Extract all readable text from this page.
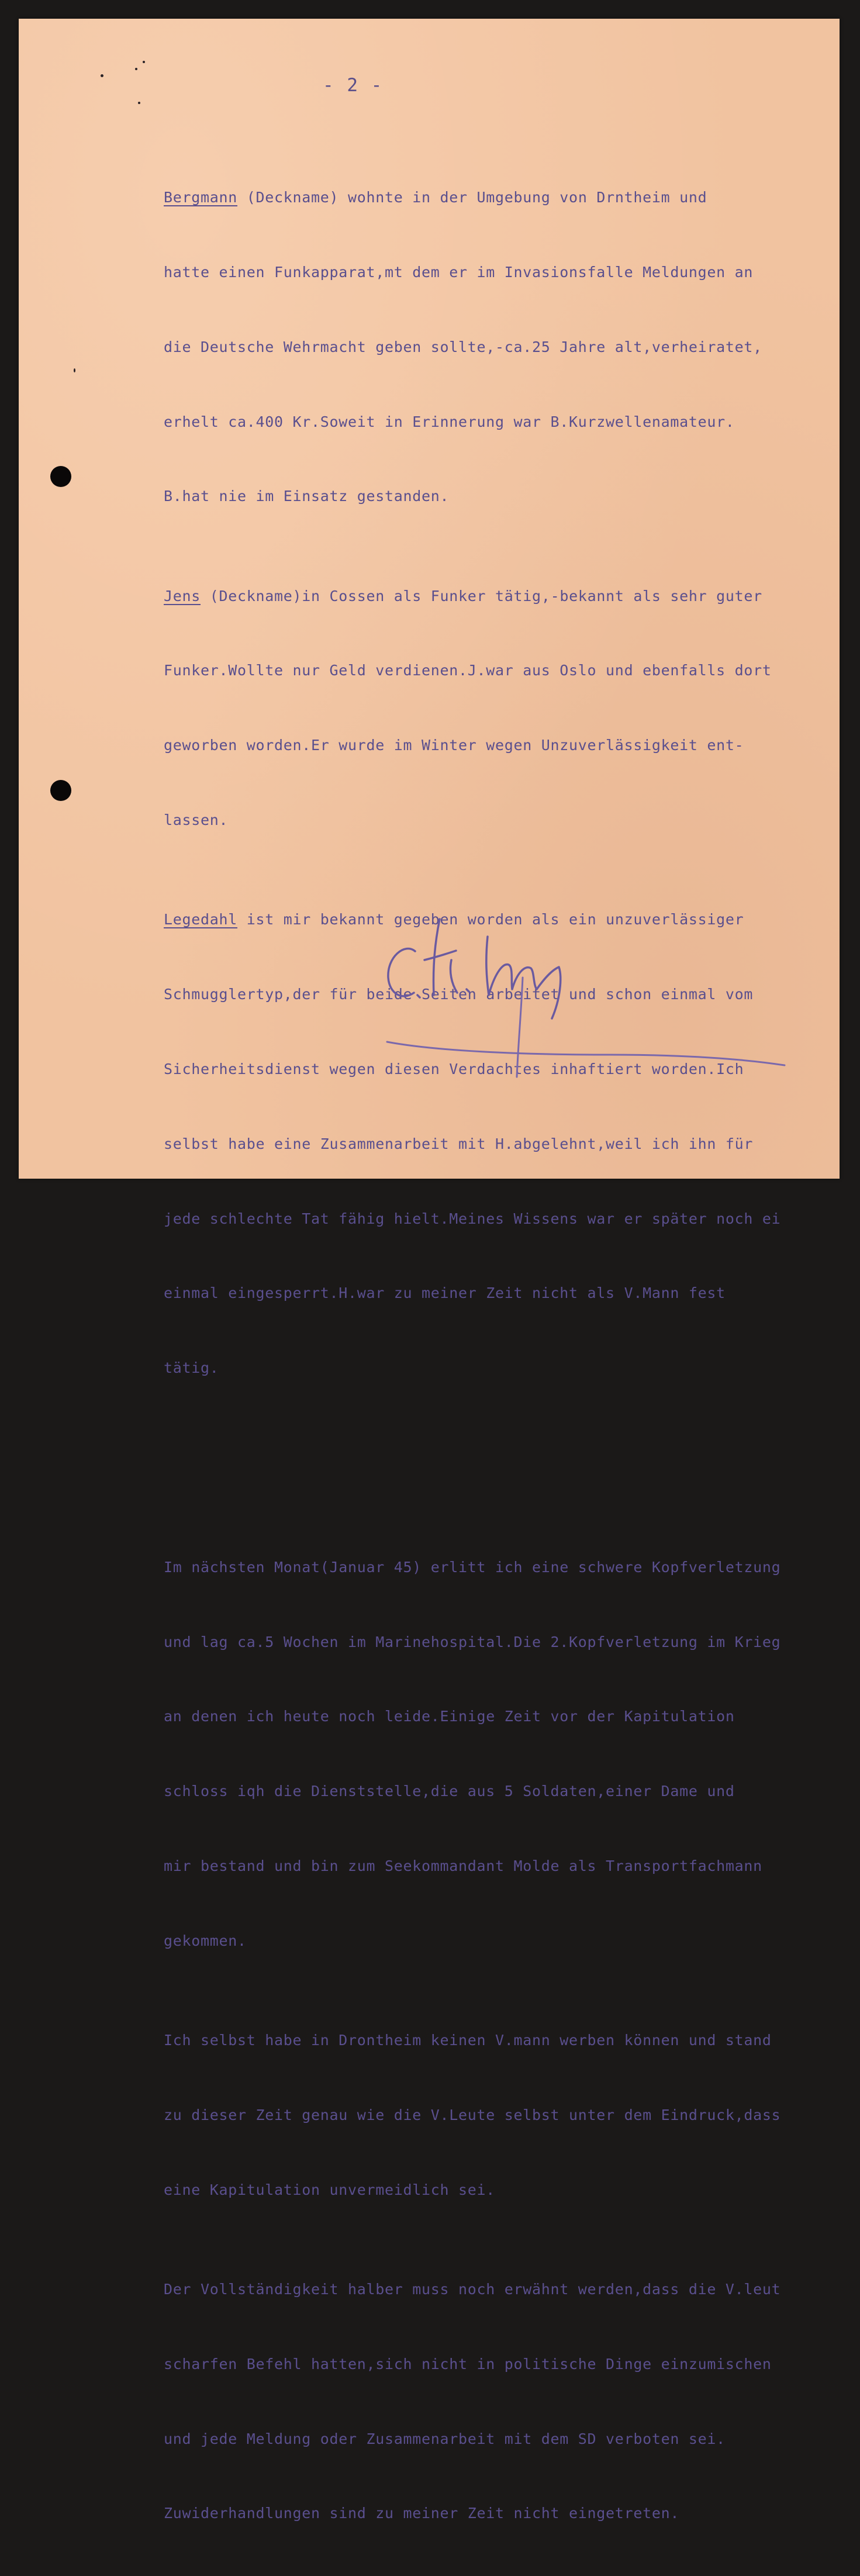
- 2 -

Bergmann (Deckname) wohnte in der Umgebung von Drntheim und

hatte einen Funkapparat,mt dem er im Invasionsfalle Meldungen an

die Deutsche Wehrmacht geben sollte,-ca.25 Jahre alt,verheiratet,

erhelt ca.400 Kr.Soweit in Erinnerung war B.Kurzwellenamateur.

B.hat nie im Einsatz gestanden.

Jens (Deckname)in Cossen als Funker tätig,-bekannt als sehr guter

Funker.Wollte nur Geld verdienen.J.war aus Oslo und ebenfalls dort

geworben worden.Er wurde im Winter wegen Unzuverlässigkeit ent-

lassen.

Legedahl ist mir bekannt gegeben worden als ein unzuverlässiger

Schmugglertyp,der für beide Seiten arbeitet und schon einmal vom

Sicherheitsdienst wegen diesen Verdachtes inhaftiert worden.Ich

selbst habe eine Zusammenarbeit mit H.abgelehnt,weil ich ihn für

jede schlechte Tat fähig hielt.Meines Wissens war er später noch ei

einmal eingesperrt.H.war zu meiner Zeit nicht als V.Mann fest

tätig.

Im nächsten Monat(Januar 45) erlitt ich eine schwere Kopfverletzung

und lag ca.5 Wochen im Marinehospital.Die 2.Kopfverletzung im Krieg

an denen ich heute noch leide.Einige Zeit vor der Kapitulation

schloss iqh die Dienststelle,die aus 5 Soldaten,einer Dame und

mir bestand und bin zum Seekommandant Molde als Transportfachmann

gekommen.

Ich selbst habe in Drontheim keinen V.mann werben können und stand

zu dieser Zeit genau wie die V.Leute selbst unter dem Eindruck,dass

eine Kapitulation unvermeidlich sei.

Der Vollständigkeit halber muss noch erwähnt werden,dass die V.leut

scharfen Befehl hatten,sich nicht in politische Dinge einzumischen

und jede Meldung oder Zusammenarbeit mit dem SD verboten sei.

Zuwiderhandlungen sind zu meiner Zeit nicht eingetreten.
